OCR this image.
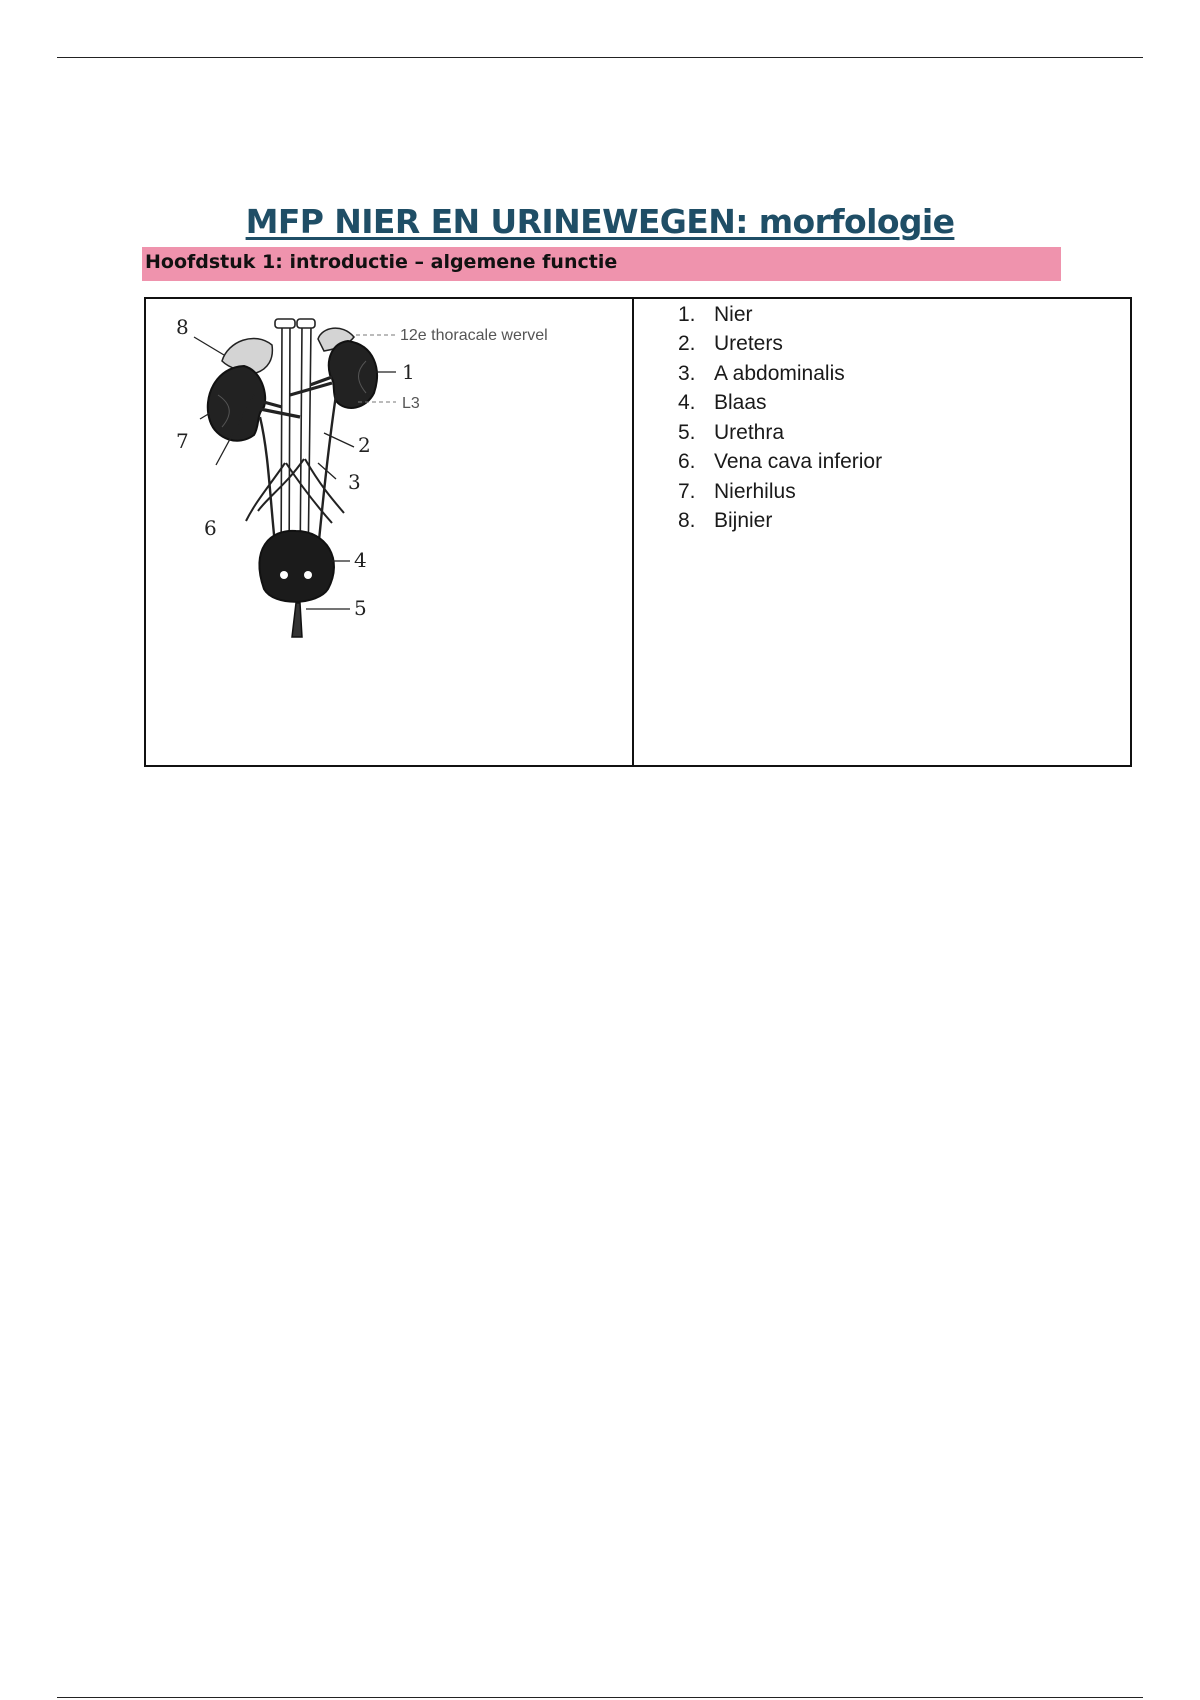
MFP NIER EN URINEWEGEN: morfologie
Hoofdstuk 1: introductie – algemene functie
12e thoracale wervel
L3
1
2
3
4
5
6
7
8
1. Nier
2. Ureters
3. A abdominalis
4. Blaas
5. Urethra
6. Vena cava inferior
7. Nierhilus
8. Bijnier
